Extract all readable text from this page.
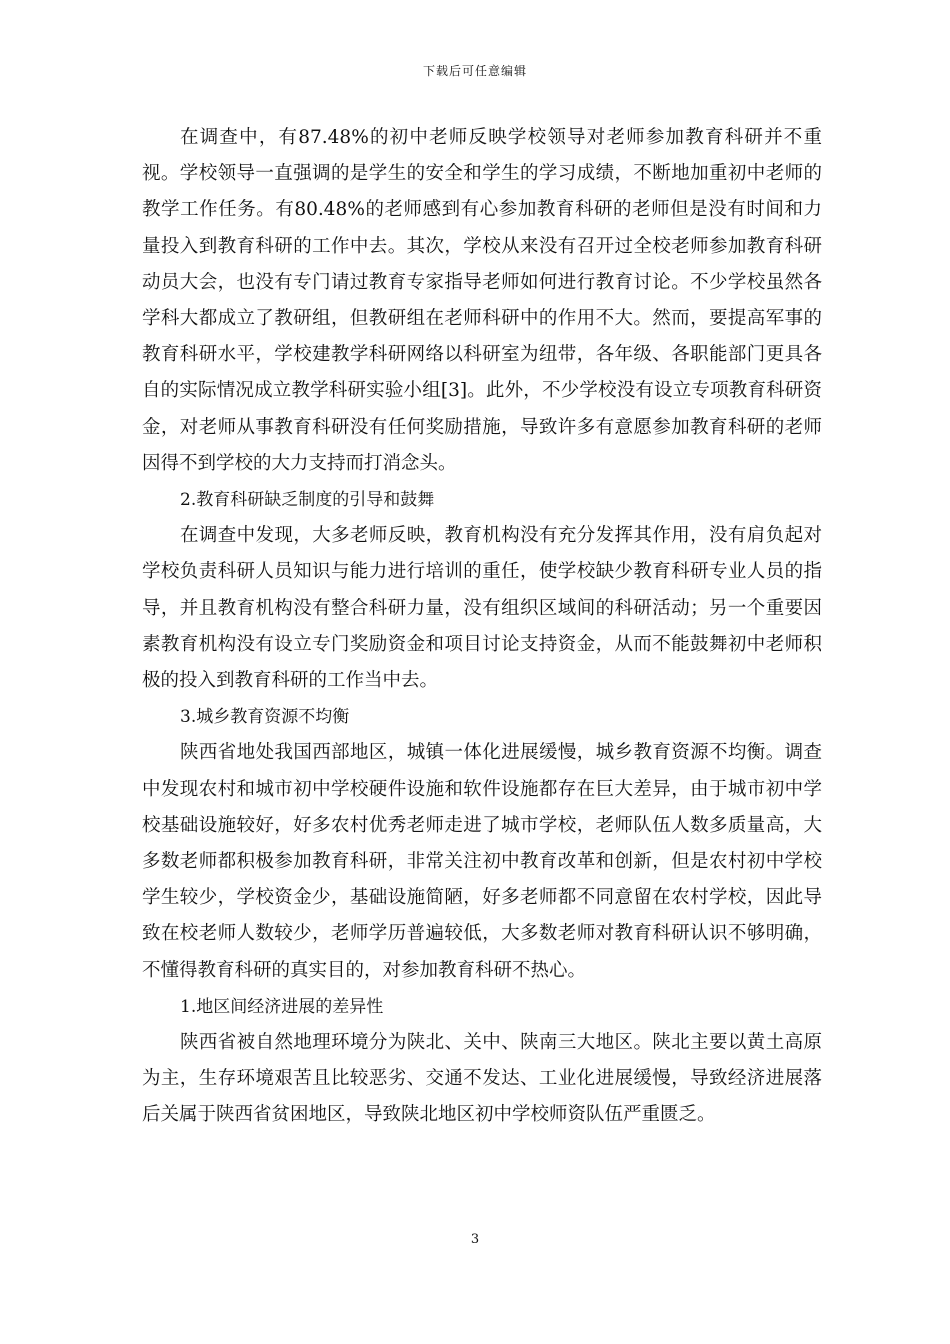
下载后可任意编辑

在调查中，有87.48%的初中老师反映学校领导对老师参加教育科研并不重视。学校领导一直强调的是学生的安全和学生的学习成绩，不断地加重初中老师的教学工作任务。有80.48%的老师感到有心参加教育科研的老师但是没有时间和力量投入到教育科研的工作中去。其次，学校从来没有召开过全校老师参加教育科研动员大会，也没有专门请过教育专家指导老师如何进行教育讨论。不少学校虽然各学科大都成立了教研组，但教研组在老师科研中的作用不大。然而，要提高军事的教育科研水平，学校建教学科研网络以科研室为纽带，各年级、各职能部门更具各自的实际情况成立教学科研实验小组[3]。此外，不少学校没有设立专项教育科研资金，对老师从事教育科研没有任何奖励措施，导致许多有意愿参加教育科研的老师因得不到学校的大力支持而打消念头。

2.教育科研缺乏制度的引导和鼓舞

在调查中发现，大多老师反映，教育机构没有充分发挥其作用，没有肩负起对学校负责科研人员知识与能力进行培训的重任，使学校缺少教育科研专业人员的指导，并且教育机构没有整合科研力量，没有组织区域间的科研活动；另一个重要因素教育机构没有设立专门奖励资金和项目讨论支持资金，从而不能鼓舞初中老师积极的投入到教育科研的工作当中去。

3.城乡教育资源不均衡

陕西省地处我国西部地区，城镇一体化进展缓慢，城乡教育资源不均衡。调查中发现农村和城市初中学校硬件设施和软件设施都存在巨大差异，由于城市初中学校基础设施较好，好多农村优秀老师走进了城市学校，老师队伍人数多质量高，大多数老师都积极参加教育科研，非常关注初中教育改革和创新，但是农村初中学校学生较少，学校资金少，基础设施简陋，好多老师都不同意留在农村学校，因此导致在校老师人数较少，老师学历普遍较低，大多数老师对教育科研认识不够明确，不懂得教育科研的真实目的，对参加教育科研不热心。

1.地区间经济进展的差异性

陕西省被自然地理环境分为陕北、关中、陕南三大地区。陕北主要以黄土高原为主，生存环境艰苦且比较恶劣、交通不发达、工业化进展缓慢，导致经济进展落后关属于陕西省贫困地区，导致陕北地区初中学校师资队伍严重匮乏。

3
